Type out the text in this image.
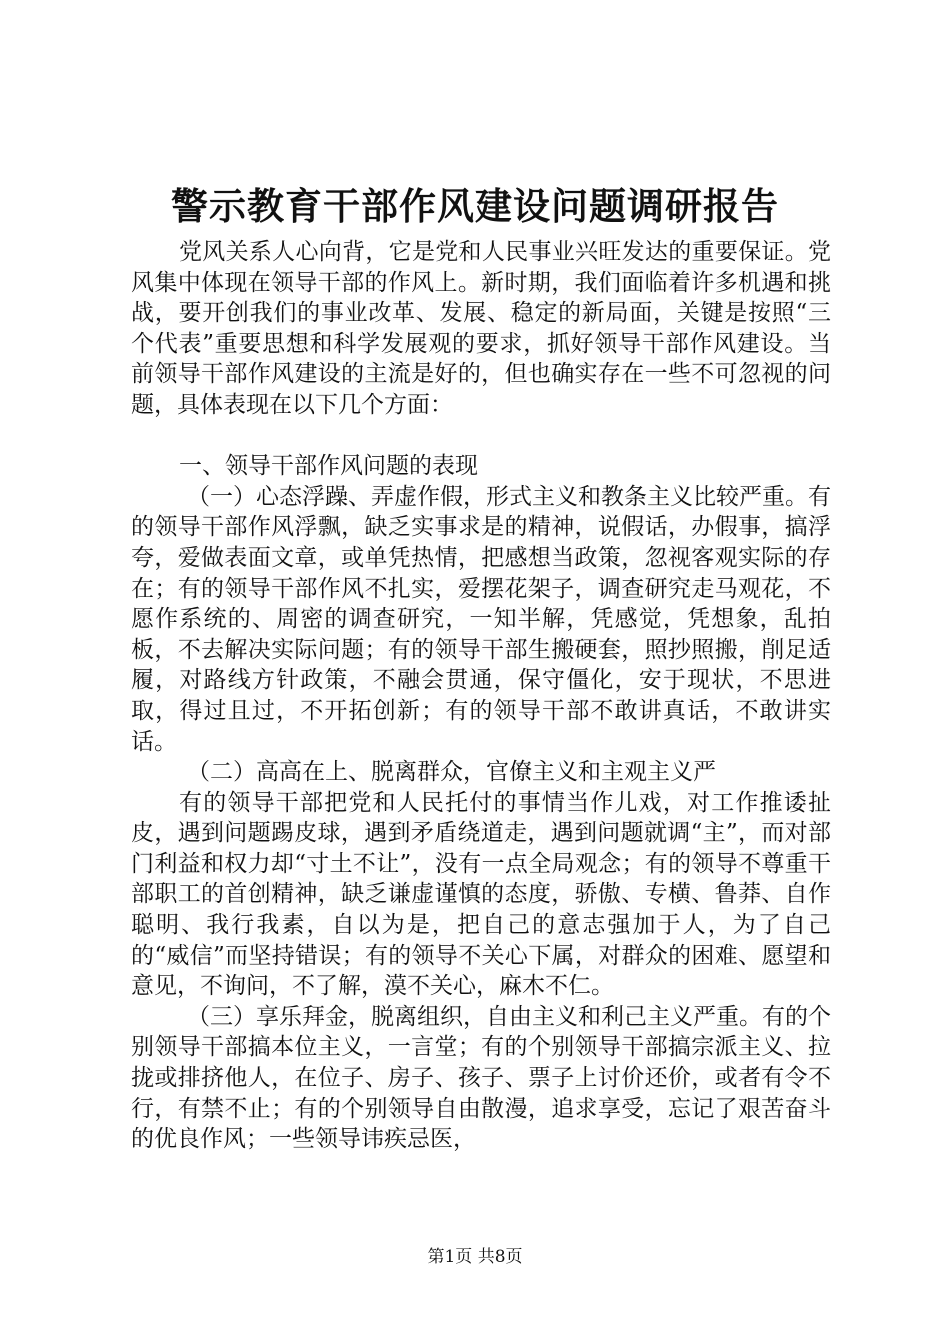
警示教育干部作风建设问题调研报告

党风关系人心向背，它是党和人民事业兴旺发达的重要保证。党风集中体现在领导干部的作风上。新时期，我们面临着许多机遇和挑战，要开创我们的事业改革、发展、稳定的新局面，关键是按照“三个代表”重要思想和科学发展观的要求，抓好领导干部作风建设。当前领导干部作风建设的主流是好的，但也确实存在一些不可忽视的问题，具体表现在以下几个方面：

一、领导干部作风问题的表现

（一）心态浮躁、弄虚作假，形式主义和教条主义比较严重。有的领导干部作风浮飘，缺乏实事求是的精神，说假话，办假事，搞浮夸，爱做表面文章，或单凭热情，把感想当政策，忽视客观实际的存在；有的领导干部作风不扎实，爱摆花架子，调查研究走马观花，不愿作系统的、周密的调查研究，一知半解，凭感觉，凭想象，乱拍板，不去解决实际问题；有的领导干部生搬硬套，照抄照搬，削足适履，对路线方针政策，不融会贯通，保守僵化，安于现状，不思进取，得过且过，不开拓创新；有的领导干部不敢讲真话，不敢讲实话。

（二）高高在上、脱离群众，官僚主义和主观主义严

有的领导干部把党和人民托付的事情当作儿戏，对工作推诿扯皮，遇到问题踢皮球，遇到矛盾绕道走，遇到问题就调“主”，而对部门利益和权力却“寸土不让”，没有一点全局观念；有的领导不尊重干部职工的首创精神，缺乏谦虚谨慎的态度，骄傲、专横、鲁莽、自作聪明、我行我素，自以为是，把自己的意志强加于人，为了自己的“威信”而坚持错误；有的领导不关心下属，对群众的困难、愿望和意见，不询问，不了解，漠不关心，麻木不仁。

（三）享乐拜金，脱离组织，自由主义和利己主义严重。有的个别领导干部搞本位主义，一言堂；有的个别领导干部搞宗派主义、拉拢或排挤他人，在位子、房子、孩子、票子上讨价还价，或者有令不行，有禁不止；有的个别领导自由散漫，追求享受，忘记了艰苦奋斗的优良作风；一些领导讳疾忌医，

第1页 共8页
